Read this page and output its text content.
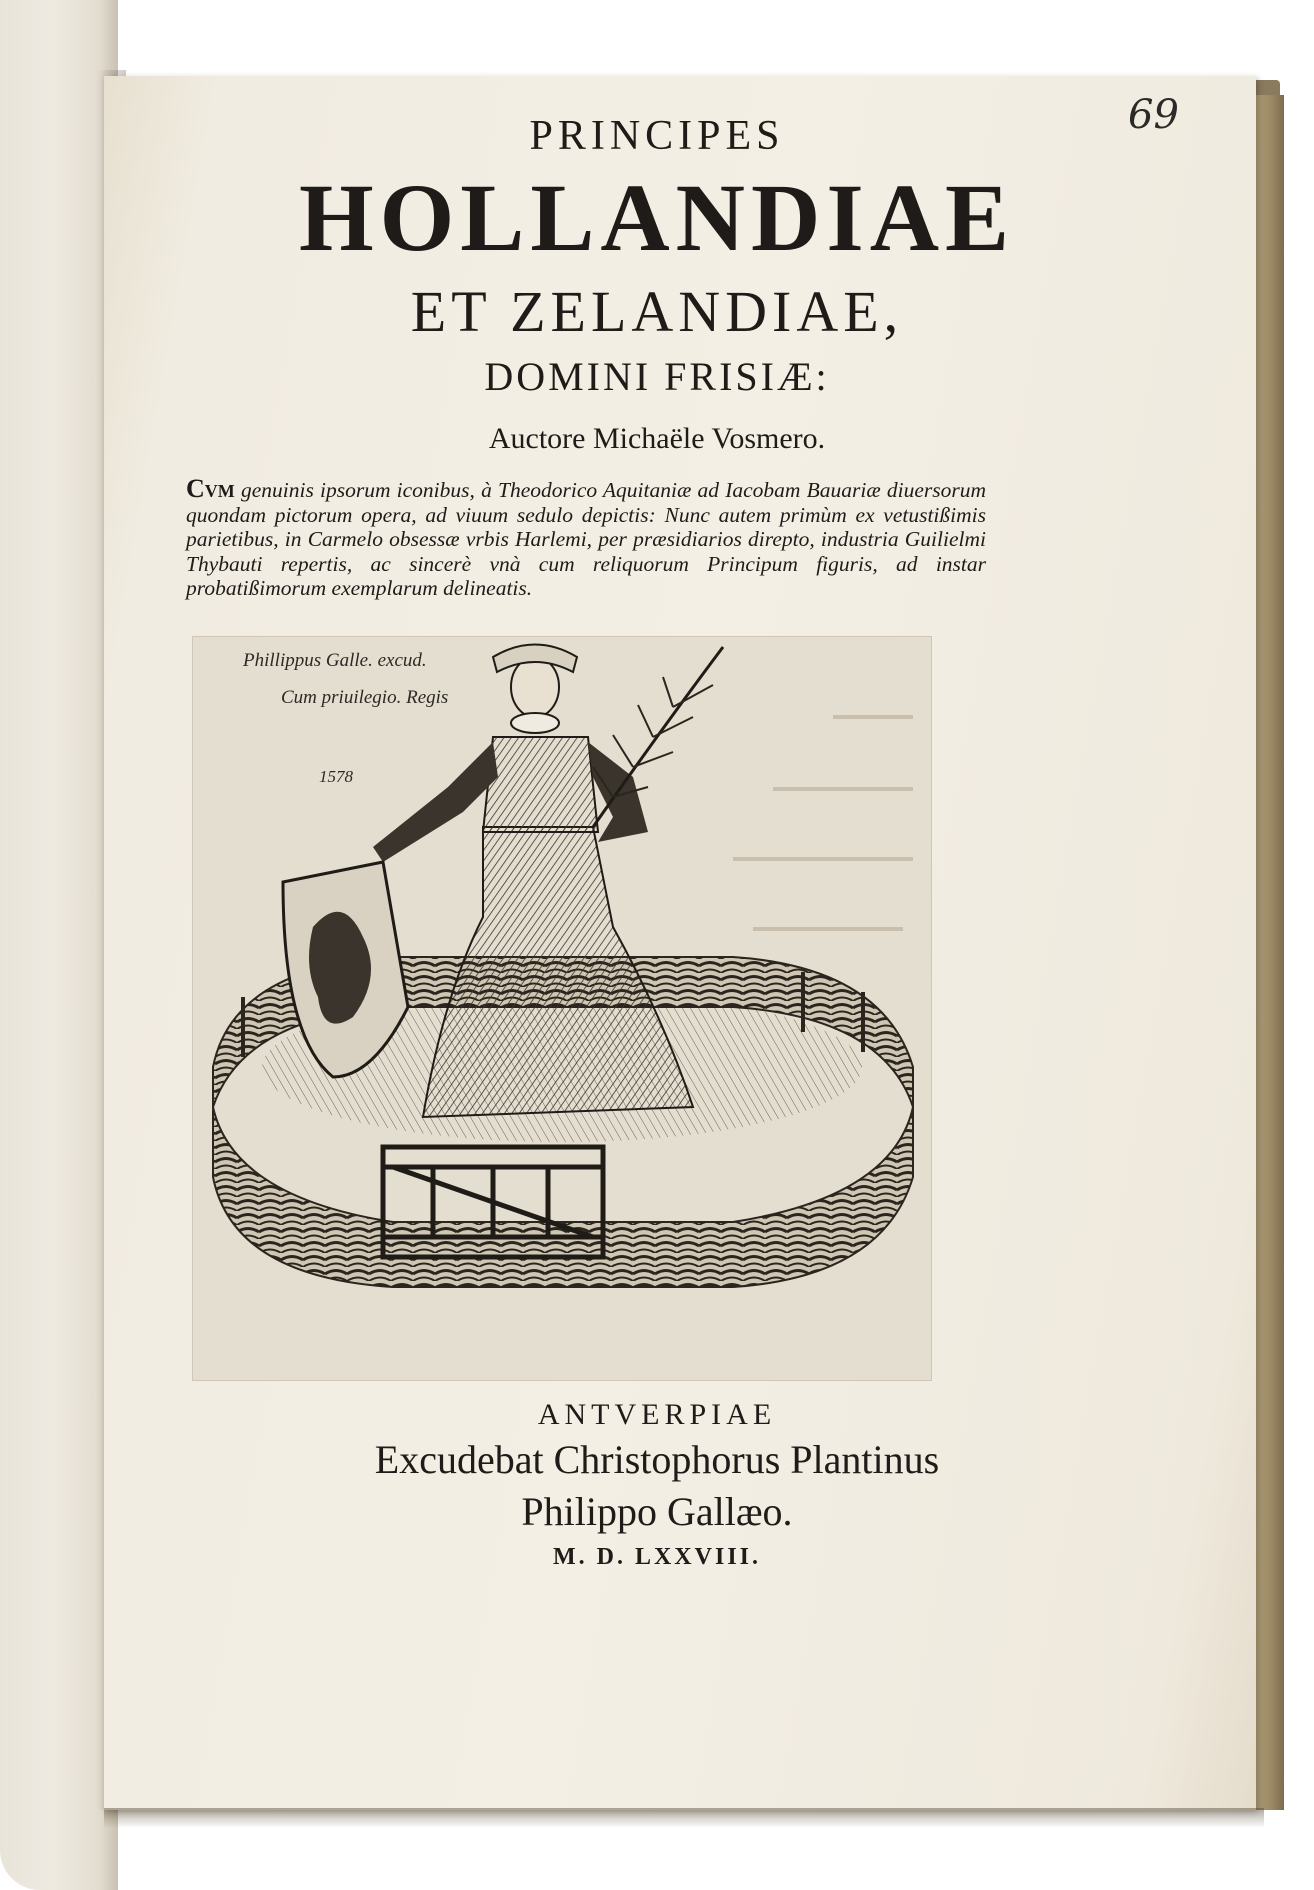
69
PRINCIPES
HOLLANDIAE
ET ZELANDIAE,
DOMINI FRISIÆ:
Auctore Michaële Vosmero.
Cvm genuinis ipsorum iconibus, à Theodorico Aquitaniæ ad Iacobam Bauariæ diuersorum quondam pictorum opera, ad viuum sedulo depictis: Nunc autem primùm ex vetustißimis parietibus, in Carmelo obsessæ vrbis Harlemi, per præsidiarios direpto, industria Guilielmi Thybauti repertis, ac sincerè vnà cum reliquorum Principum figuris, ad instar probatißimorum exemplarum delineatis.
Phillippus Galle. excud.
Cum priuilegio. Regis
1578
ANTVERPIAE
Excudebat Christophorus Plantinus
Philippo Gallæo.
M. D. LXXVIII.
